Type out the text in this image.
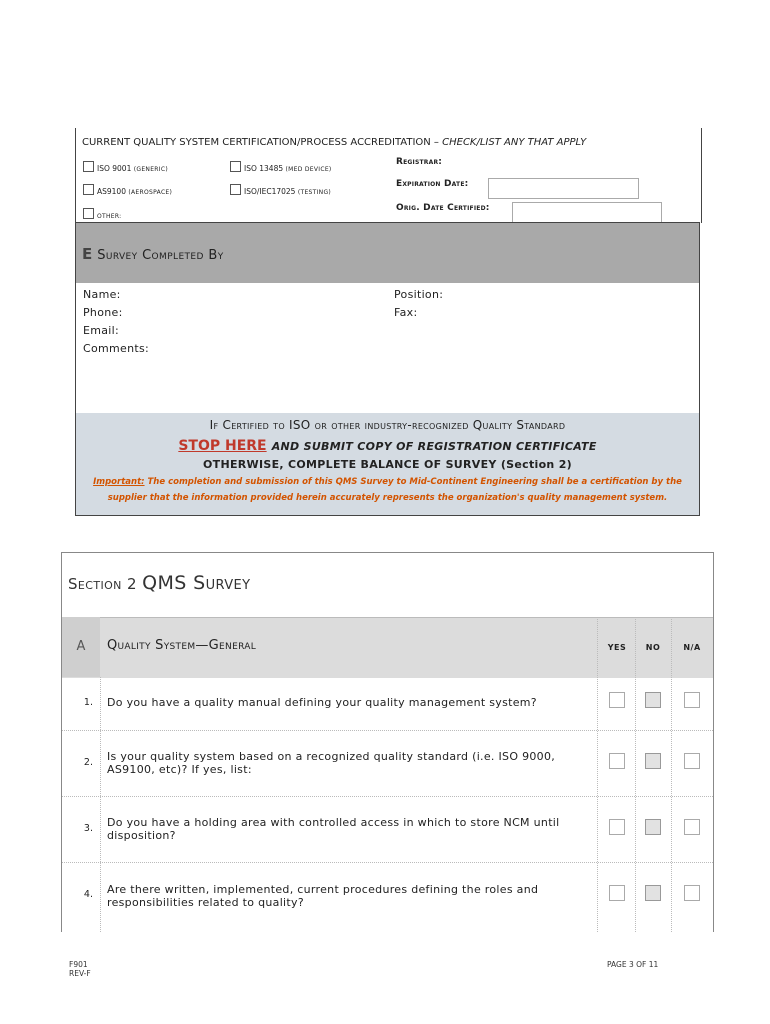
CURRENT QUALITY SYSTEM CERTIFICATION/PROCESS ACCREDITATION – CHECK/LIST ANY THAT APPLY
ISO 9001 (GENERIC)	ISO 13485 (MED DEVICE)
AS9100 (AEROSPACE)	ISO/IEC17025 (TESTING)
OTHER:
Registrar:
Expiration Date:
Orig. Date Certified:
E Survey Completed By
Name:	Position:
Phone:	Fax:
Email:
Comments:
If Certified to ISO or other industry-recognized Quality Standard
STOP HERE AND SUBMIT COPY OF REGISTRATION CERTIFICATE
OTHERWISE, COMPLETE BALANCE OF SURVEY (Section 2)
Important: The completion and submission of this QMS Survey to Mid-Continent Engineering shall be a certification by the
supplier that the information provided herein accurately represents the organization's quality management system.
Section 2 QMS Survey
A	Quality System—General	YES	NO	N/A
1. Do you have a quality manual defining your quality management system?
2. Is your quality system based on a recognized quality standard (i.e. ISO 9000,
AS9100, etc)? If yes, list:
3. Do you have a holding area with controlled access in which to store NCM until
disposition?
4. Are there written, implemented, current procedures defining the roles and
responsibilities related to quality?
F901
REV-F
PAGE 3 OF 11
